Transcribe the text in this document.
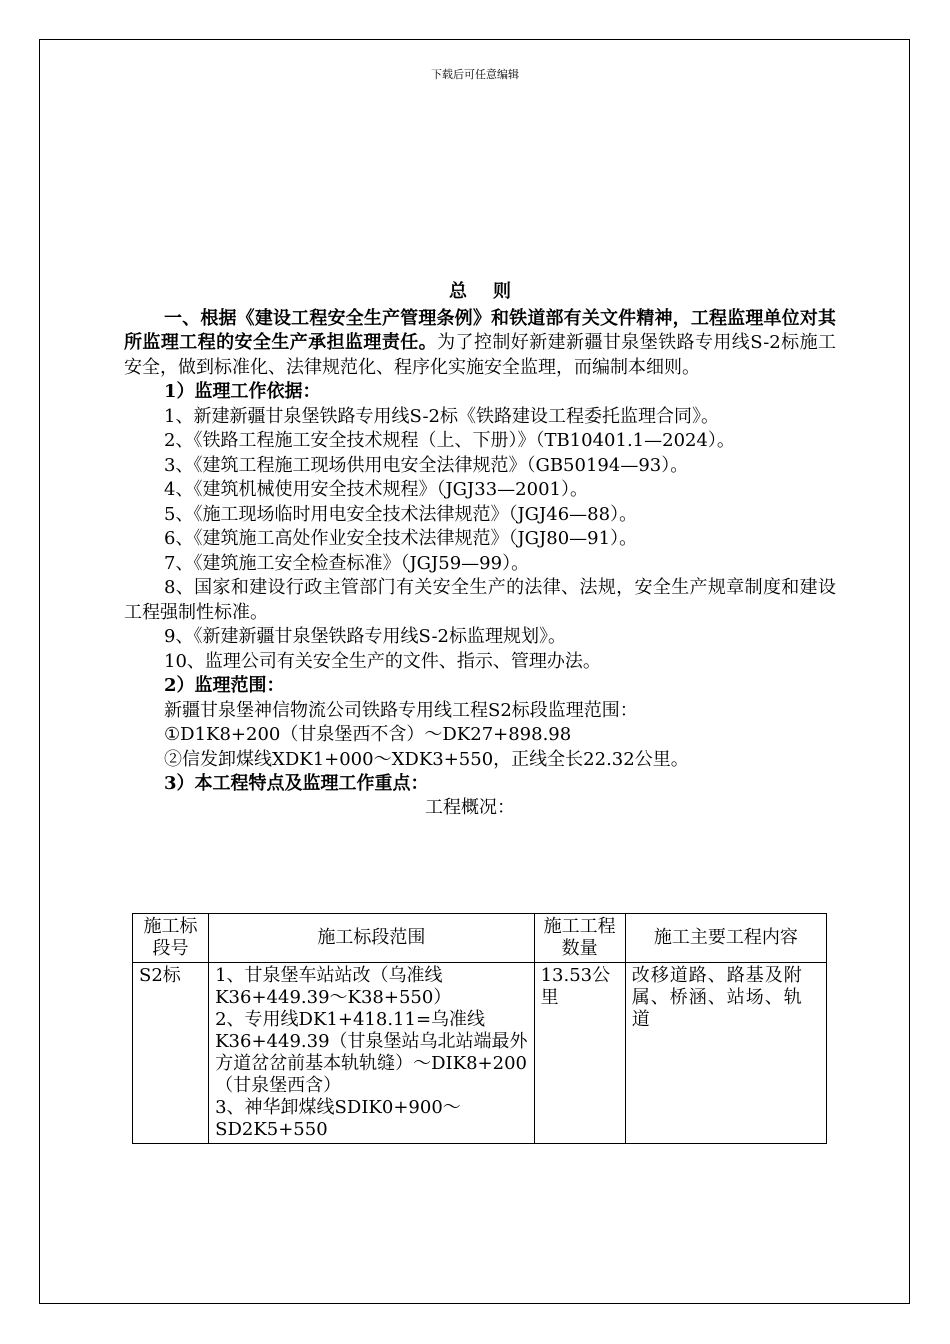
下载后可任意编辑
总则

一、根据《建设工程安全生产管理条例》和铁道部有关文件精神，工程监理单位对其所监理工程的安全生产承担监理责任。为了控制好新建新疆甘泉堡铁路专用线S-2标施工安全，做到标准化、法律规范化、程序化实施安全监理，而编制本细则。

1）监理工作依据：

1、新建新疆甘泉堡铁路专用线S-2标《铁路建设工程委托监理合同》。

2、《铁路工程施工安全技术规程（上、下册）》（TB10401.1—2024）。

3、《建筑工程施工现场供用电安全法律规范》（GB50194—93）。

4、《建筑机械使用安全技术规程》（JGJ33—2001）。

5、《施工现场临时用电安全技术法律规范》（JGJ46—88）。

6、《建筑施工高处作业安全技术法律规范》（JGJ80—91）。

7、《建筑施工安全检查标准》（JGJ59—99）。

8、国家和建设行政主管部门有关安全生产的法律、法规，安全生产规章制度和建设工程强制性标准。

9、《新建新疆甘泉堡铁路专用线S-2标监理规划》。

10、监理公司有关安全生产的文件、指示、管理办法。

2）监理范围：

新疆甘泉堡神信物流公司铁路专用线工程S2标段监理范围：

①D1K8+200（甘泉堡西不含）～DK27+898.98

②信发卸煤线XDK1+000～XDK3+550，正线全长22.32公里。

3）本工程特点及监理工作重点：

工程概况：
施工标段号	施工标段范围	施工工程数量	施工主要工程内容
S2标	1、甘泉堡车站站改（乌准线K36+449.39～K38+550）
2、专用线DK1+418.11=乌准线K36+449.39（甘泉堡站乌北站端最外方道岔岔前基本轨轨缝）～DIK8+200（甘泉堡西含）
3、神华卸煤线SDIK0+900～SD2K5+550	13.53公里	改移道路、路基及附属、桥涵、站场、轨道
